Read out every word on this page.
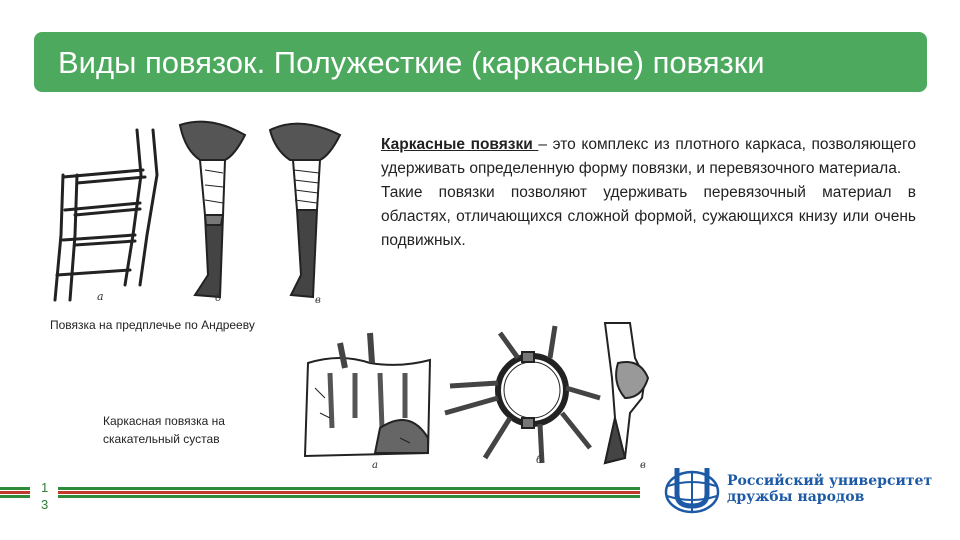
Виды повязок. Полужесткие (каркасные) повязки
а	б	в

Каркасные повязки – это комплекс из плотного каркаса, позволяющего удерживать определенную форму повязки, и перевязочного материала.

Такие повязки позволяют удерживать перевязочный материал в областях, отличающихся сложной формой, сужающихся книзу или очень подвижных.

Повязка на предплечье по Андрееву
Каркасная повязка на скакательный сустав
а	б	в
1
3
Российский университет
дружбы народов
